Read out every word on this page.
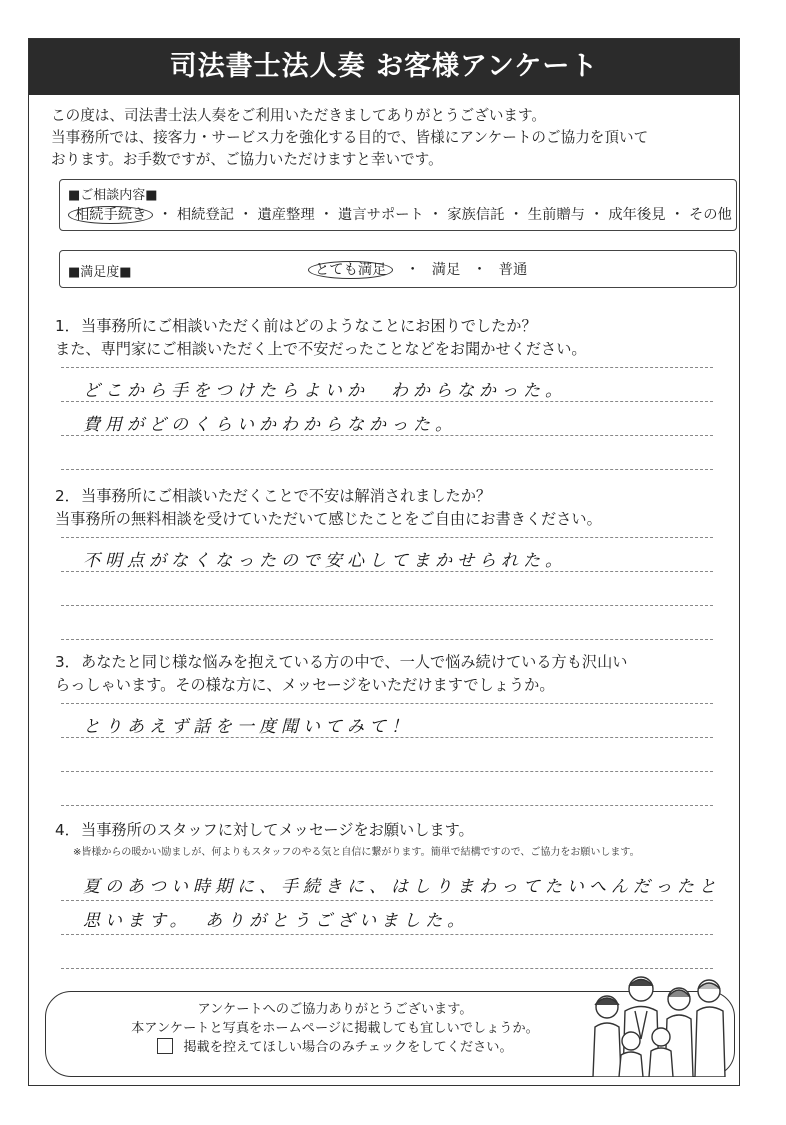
司法書士法人奏 お客様アンケート

この度は、司法書士法人奏をご利用いただきましてありがとうございます。

当事務所では、接客力・サービス力を強化する目的で、皆様にアンケートのご協力を頂いて

おります。お手数ですが、ご協力いただけますと幸いです。

■ご相談内容■
相続手続き ・ 相続登記 ・ 遺産整理 ・ 遺言サポート ・ 家族信託 ・ 生前贈与 ・ 成年後見 ・ その他
■満足度■	とても満足 ・ 満足 ・ 普通

1．当事務所にご相談いただく前はどのようなことにお困りでしたか？

また、専門家にご相談いただく上で不安だったことなどをお聞かせください。

どこから手をつけたらよいか　わからなかった。
費用がどのくらいかわからなかった。

2．当事務所にご相談いただくことで不安は解消されましたか？

当事務所の無料相談を受けていただいて感じたことをご自由にお書きください。

不明点がなくなったので安心してまかせられた。

3．あなたと同じ様な悩みを抱えている方の中で、一人で悩み続けている方も沢山い

らっしゃいます。その様な方に、メッセージをいただけますでしょうか。

とりあえず話を一度聞いてみて！

4．当事務所のスタッフに対してメッセージをお願いします。

※皆様からの暖かい励ましが、何よりもスタッフのやる気と自信に繋がります。簡単で結構ですので、ご協力をお願いします。
夏のあつい時期に、手続きに、はしりまわってたいへんだったと
思います。　ありがとうございました。

アンケートへのご協力ありがとうございます。

本アンケートと写真をホームページに掲載しても宜しいでしょうか。

掲載を控えてほしい場合のみチェックをしてください。
